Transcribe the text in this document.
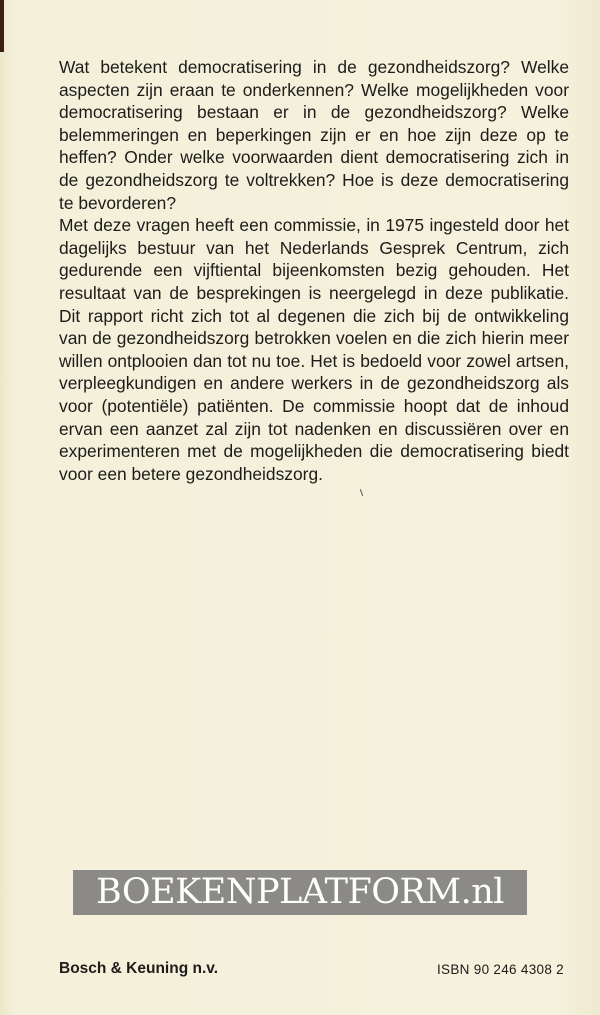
Wat betekent democratisering in de gezondheidszorg? Welke aspecten zijn eraan te onderkennen? Welke mogelijkheden voor democratisering bestaan er in de gezondheidszorg? Welke belemmeringen en beperkingen zijn er en hoe zijn deze op te heffen? Onder welke voorwaarden dient democratisering zich in de gezondheidszorg te voltrekken? Hoe is deze democratisering te bevorderen?

Met deze vragen heeft een commissie, in 1975 ingesteld door het dagelijks bestuur van het Nederlands Gesprek Centrum, zich gedurende een vijftiental bijeenkomsten bezig gehouden. Het resultaat van de besprekingen is neergelegd in deze publikatie. Dit rapport richt zich tot al degenen die zich bij de ontwikkeling van de gezondheidszorg betrokken voelen en die zich hierin meer willen ontplooien dan tot nu toe. Het is bedoeld voor zowel artsen, verpleegkundigen en andere werkers in de gezondheidszorg als voor (potentiële) patiënten. De commissie hoopt dat de inhoud ervan een aanzet zal zijn tot nadenken en discussiëren over en experimenteren met de mogelijkheden die democratisering biedt voor een betere gezondheidszorg.

BOEKENPLATFORM.nl

Bosch & Keuning n.v.	ISBN 90 246 4308 2
